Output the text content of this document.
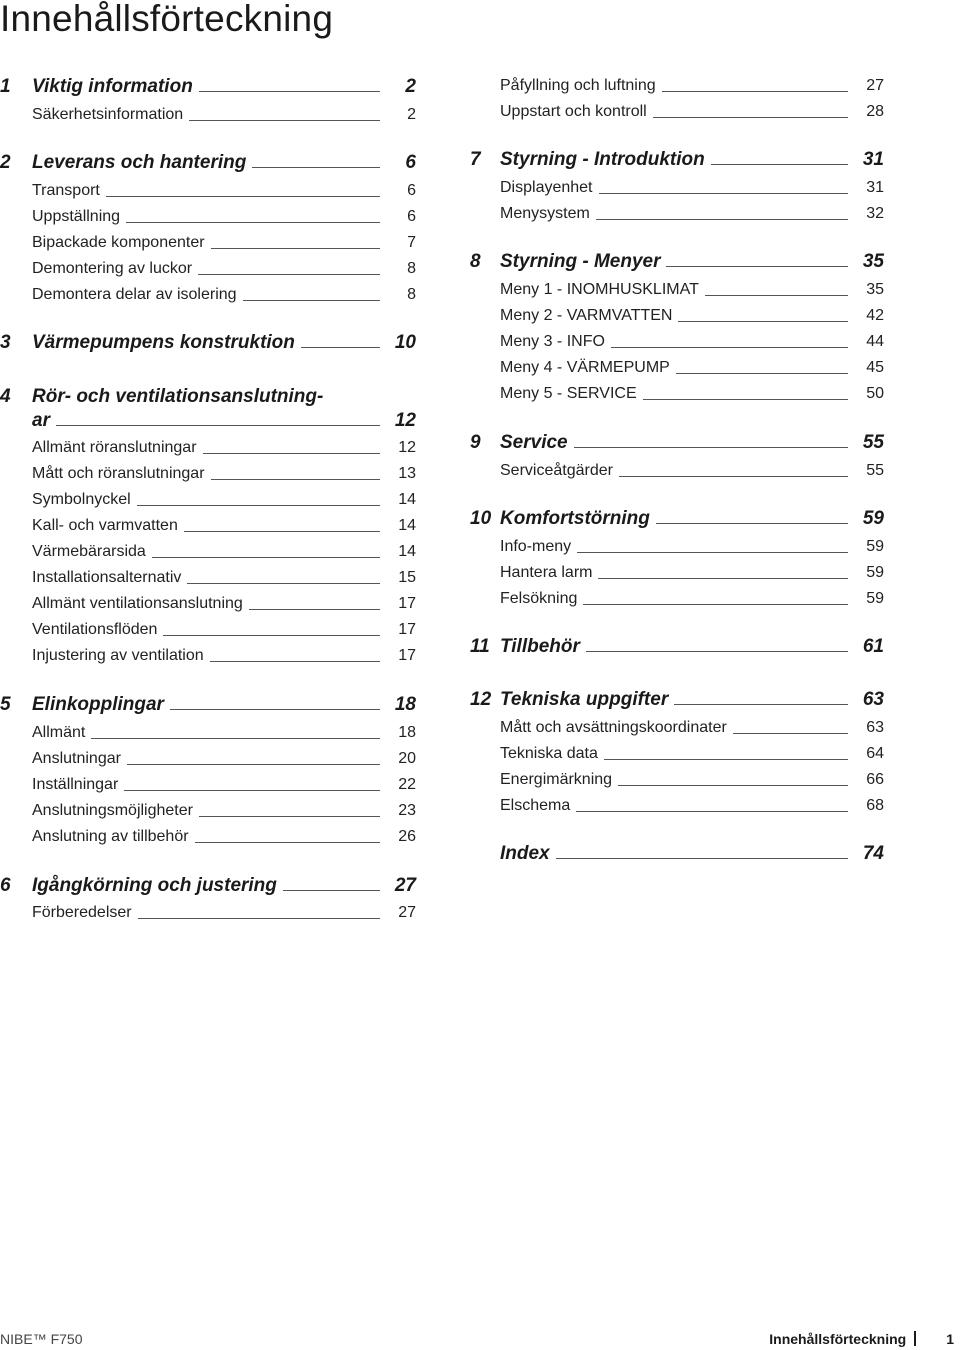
Innehållsförteckning
1	Viktig information	2
Säkerhetsinformation	2
2	Leverans och hantering	6
Transport	6
Uppställning	6
Bipackade komponenter	7
Demontering av luckor	8
Demontera delar av isolering	8
3	Värmepumpens konstruktion	10
4	Rör- och ventilationsanslutning-
ar	12
Allmänt röranslutningar	12
Mått och röranslutningar	13
Symbolnyckel	14
Kall- och varmvatten	14
Värmebärarsida	14
Installationsalternativ	15
Allmänt ventilationsanslutning	17
Ventilationsflöden	17
Injustering av ventilation	17
5	Elinkopplingar	18
Allmänt	18
Anslutningar	20
Inställningar	22
Anslutningsmöjligheter	23
Anslutning av tillbehör	26
6	Igångkörning och justering	27
Förberedelser	27
Påfyllning och luftning	27
Uppstart och kontroll	28
7	Styrning - Introduktion	31
Displayenhet	31
Menysystem	32
8	Styrning - Menyer	35
Meny 1 - INOMHUSKLIMAT	35
Meny 2 - VARMVATTEN	42
Meny 3 - INFO	44
Meny 4 - VÄRMEPUMP	45
Meny 5 - SERVICE	50
9	Service	55
Serviceåtgärder	55
10 Komfortstörning	59
Info-meny	59
Hantera larm	59
Felsökning	59
11 Tillbehör	61
12 Tekniska uppgifter	63
Mått och avsättningskoordinater	63
Tekniska data	64
Energimärkning	66
Elschema	68
Index	74
NIBE™ F750	Innehållsförteckning	1
